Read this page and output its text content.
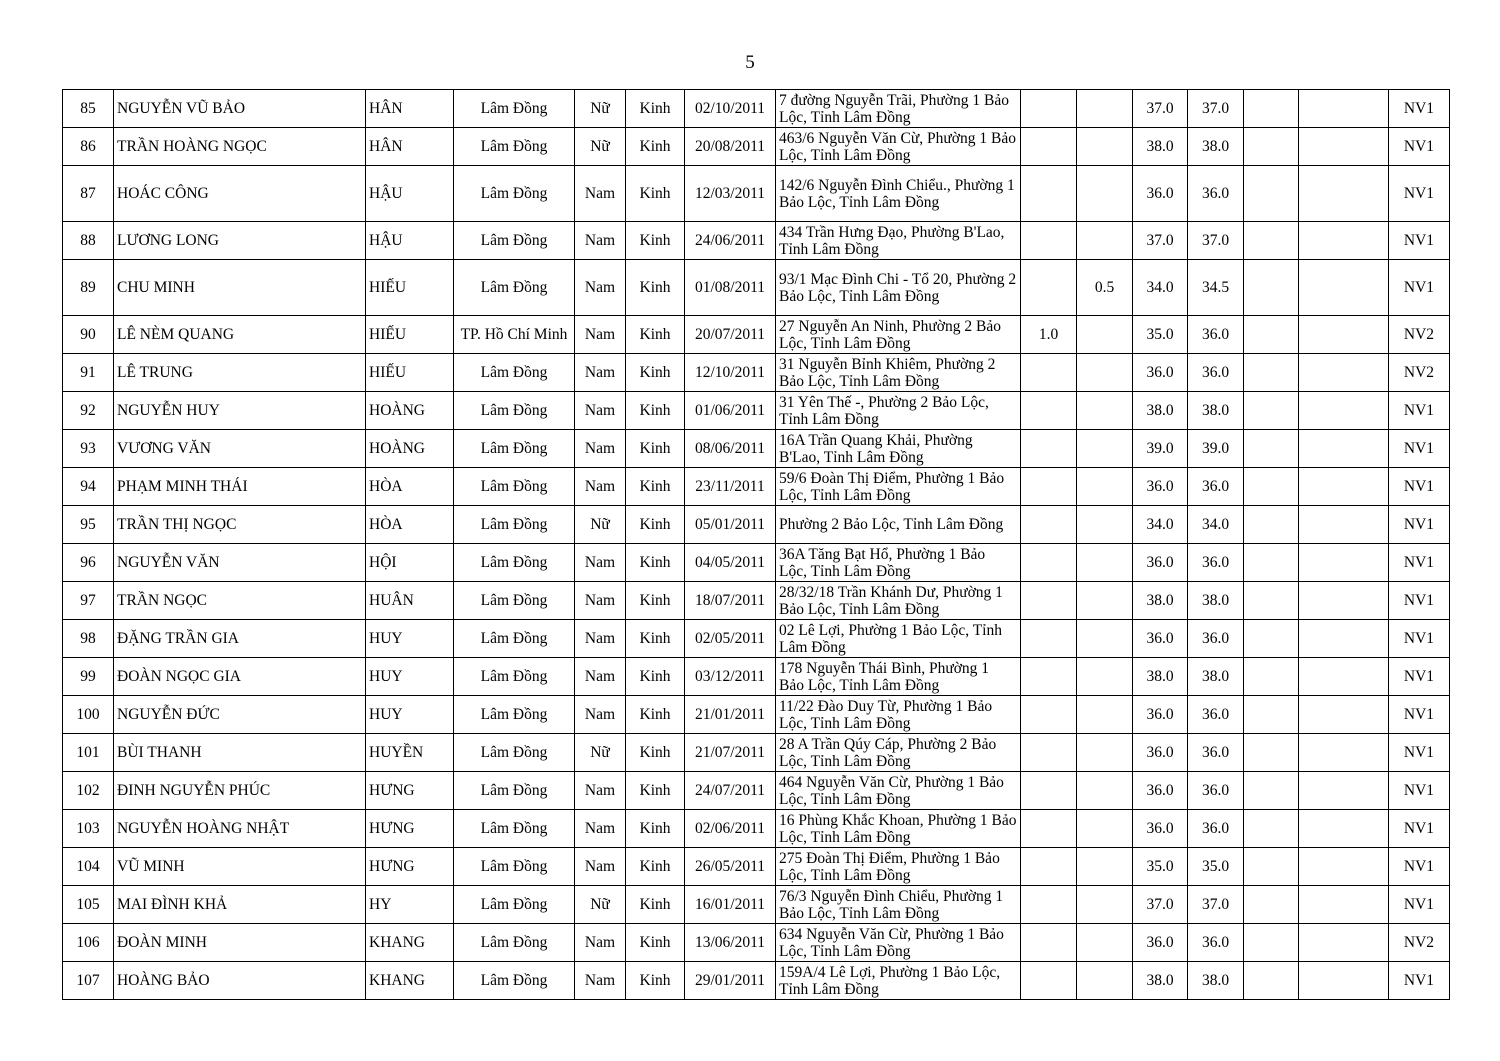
5
85	NGUYỄN VŨ BẢO	HÂN	Lâm Đồng	Nữ	Kinh	02/10/2011	7 đường Nguyễn Trãi, Phường 1 Bảo Lộc, Tỉnh Lâm Đồng			37.0	37.0			NV1
86	TRẦN HOÀNG NGỌC	HÂN	Lâm Đồng	Nữ	Kinh	20/08/2011	463/6 Nguyễn Văn Cừ, Phường 1 Bảo Lộc, Tỉnh Lâm Đồng			38.0	38.0			NV1
87	HOÁC CÔNG	HẬU	Lâm Đồng	Nam	Kinh	12/03/2011	142/6 Nguyễn Đình Chiểu., Phường 1 Bảo Lộc, Tỉnh Lâm Đồng			36.0	36.0			NV1
88	LƯƠNG LONG	HẬU	Lâm Đồng	Nam	Kinh	24/06/2011	434 Trần Hưng Đạo, Phường B'Lao, Tỉnh Lâm Đồng			37.0	37.0			NV1
89	CHU MINH	HIẾU	Lâm Đồng	Nam	Kinh	01/08/2011	93/1 Mạc Đình Chi - Tổ 20, Phường 2 Bảo Lộc, Tỉnh Lâm Đồng		0.5	34.0	34.5			NV1
90	LÊ NÈM QUANG	HIẾU	TP. Hồ Chí Minh	Nam	Kinh	20/07/2011	27 Nguyễn An Ninh, Phường 2 Bảo Lộc, Tỉnh Lâm Đồng	1.0		35.0	36.0			NV2
91	LÊ TRUNG	HIẾU	Lâm Đồng	Nam	Kinh	12/10/2011	31 Nguyễn Bỉnh Khiêm, Phường 2 Bảo Lộc, Tỉnh Lâm Đồng			36.0	36.0			NV2
92	NGUYỄN HUY	HOÀNG	Lâm Đồng	Nam	Kinh	01/06/2011	31 Yên Thế -, Phường 2 Bảo Lộc, Tỉnh Lâm Đồng			38.0	38.0			NV1
93	VƯƠNG VĂN	HOÀNG	Lâm Đồng	Nam	Kinh	08/06/2011	16A Trần Quang Khải, Phường B'Lao, Tỉnh Lâm Đồng			39.0	39.0			NV1
94	PHẠM MINH THÁI	HÒA	Lâm Đồng	Nam	Kinh	23/11/2011	59/6 Đoàn Thị Điểm, Phường 1 Bảo Lộc, Tỉnh Lâm Đồng			36.0	36.0			NV1
95	TRẦN THỊ NGỌC	HÒA	Lâm Đồng	Nữ	Kinh	05/01/2011	Phường 2 Bảo Lộc, Tỉnh Lâm Đồng			34.0	34.0			NV1
96	NGUYỄN VĂN	HỘI	Lâm Đồng	Nam	Kinh	04/05/2011	36A Tăng Bạt Hổ, Phường 1 Bảo Lộc, Tỉnh Lâm Đồng			36.0	36.0			NV1
97	TRẦN NGỌC	HUÂN	Lâm Đồng	Nam	Kinh	18/07/2011	28/32/18 Trần Khánh Dư, Phường 1 Bảo Lộc, Tỉnh Lâm Đồng			38.0	38.0			NV1
98	ĐẶNG TRẦN GIA	HUY	Lâm Đồng	Nam	Kinh	02/05/2011	02 Lê Lợi, Phường 1 Bảo Lộc, Tỉnh Lâm Đồng			36.0	36.0			NV1
99	ĐOÀN NGỌC GIA	HUY	Lâm Đồng	Nam	Kinh	03/12/2011	178 Nguyễn Thái Bình, Phường 1 Bảo Lộc, Tỉnh Lâm Đồng			38.0	38.0			NV1
100	NGUYỄN ĐỨC	HUY	Lâm Đồng	Nam	Kinh	21/01/2011	11/22 Đào Duy Từ, Phường 1 Bảo Lộc, Tỉnh Lâm Đồng			36.0	36.0			NV1
101	BÙI THANH	HUYỀN	Lâm Đồng	Nữ	Kinh	21/07/2011	28 A Trần Qúy Cáp, Phường 2 Bảo Lộc, Tỉnh Lâm Đồng			36.0	36.0			NV1
102	ĐINH NGUYỄN PHÚC	HƯNG	Lâm Đồng	Nam	Kinh	24/07/2011	464 Nguyễn Văn Cừ, Phường 1 Bảo Lộc, Tỉnh Lâm Đồng			36.0	36.0			NV1
103	NGUYỄN HOÀNG NHẬT	HƯNG	Lâm Đồng	Nam	Kinh	02/06/2011	16 Phùng Khắc Khoan, Phường 1 Bảo Lộc, Tỉnh Lâm Đồng			36.0	36.0			NV1
104	VŨ MINH	HƯNG	Lâm Đồng	Nam	Kinh	26/05/2011	275 Đoàn Thị Điểm, Phường 1 Bảo Lộc, Tỉnh Lâm Đồng			35.0	35.0			NV1
105	MAI ĐÌNH KHẢ	HY	Lâm Đồng	Nữ	Kinh	16/01/2011	76/3 Nguyễn Đình Chiểu, Phường 1 Bảo Lộc, Tỉnh Lâm Đồng			37.0	37.0			NV1
106	ĐOÀN MINH	KHANG	Lâm Đồng	Nam	Kinh	13/06/2011	634 Nguyễn Văn Cừ, Phường 1 Bảo Lộc, Tỉnh Lâm Đồng			36.0	36.0			NV2
107	HOÀNG BẢO	KHANG	Lâm Đồng	Nam	Kinh	29/01/2011	159A/4 Lê Lợi, Phường 1 Bảo Lộc, Tỉnh Lâm Đồng			38.0	38.0			NV1
